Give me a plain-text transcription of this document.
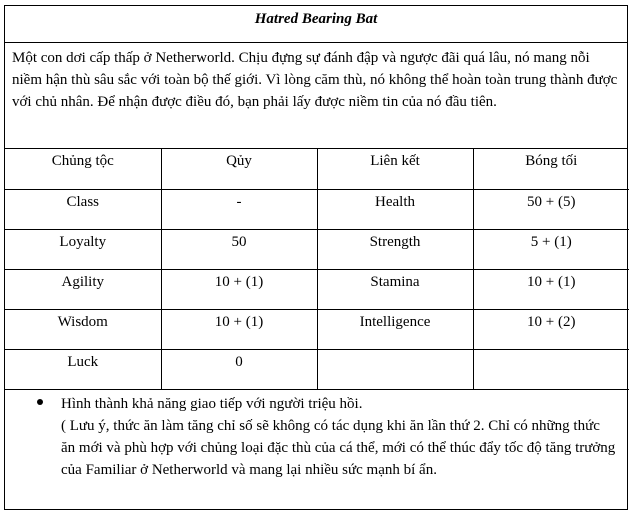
Hatred Bearing Bat
Một con dơi cấp thấp ở Netherworld. Chịu đựng sự đánh đập và ngược đãi quá lâu, nó mang nỗi niềm hận thù sâu sắc với toàn bộ thế giới. Vì lòng căm thù, nó không thể hoàn toàn trung thành được với chủ nhân. Để nhận được điều đó, bạn phải lấy được niềm tin của nó đầu tiên.
Chủng tộc	Qủy	Liên kết	Bóng tối
Class	-	Health	50 + (5)
Loyalty	50	Strength	5 + (1)
Agility	10 + (1)	Stamina	10 + (1)
Wisdom	10 + (1)	Intelligence	10 + (2)
Luck	0		
Hình thành khả năng giao tiếp với người triệu hồi.
( Lưu ý, thức ăn làm tăng chỉ số sẽ không có tác dụng khi ăn lần thứ 2. Chỉ có những thức ăn mới và phù hợp với chủng loại đặc thù của cá thể, mới có thể thúc đẩy tốc độ tăng trưởng của Familiar ở Netherworld và mang lại nhiều sức mạnh bí ẩn.
